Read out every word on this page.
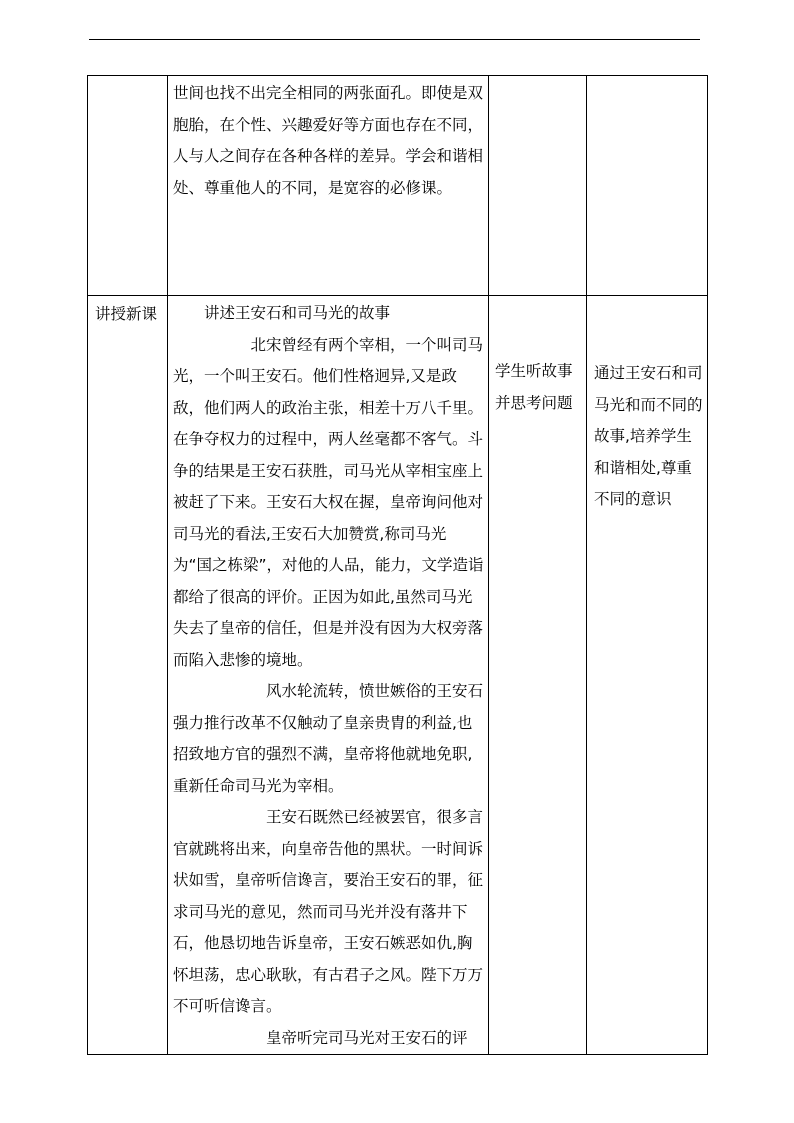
	世间也找不出完全相同的两张面孔。即使是双胞胎，在个性、兴趣爱好等方面也存在不同，人与人之间存在各种各样的差异。学会和谐相处、尊重他人的不同，是宽容的必修课。		

讲授新课	讲述王安石和司马光的故事

北宋曾经有两个宰相，一个叫司马光，一个叫王安石。他们性格迥异,又是政敌，他们两人的政治主张，相差十万八千里。在争夺权力的过程中，两人丝毫都不客气。斗争的结果是王安石获胜，司马光从宰相宝座上被赶了下来。王安石大权在握，皇帝询问他对司马光的看法,王安石大加赞赏,称司马光为“国之栋梁”，对他的人品，能力，文学造诣都给了很高的评价。正因为如此,虽然司马光失去了皇帝的信任，但是并没有因为大权旁落而陷入悲惨的境地。

风水轮流转，愤世嫉俗的王安石强力推行改革不仅触动了皇亲贵胄的利益,也招致地方官的强烈不满，皇帝将他就地免职,重新任命司马光为宰相。

王安石既然已经被罢官，很多言官就跳将出来，向皇帝告他的黑状。一时间诉状如雪，皇帝听信谗言，要治王安石的罪，征求司马光的意见，然而司马光并没有落井下石，他恳切地告诉皇帝，王安石嫉恶如仇,胸怀坦荡，忠心耿耿，有古君子之风。陛下万万不可听信谗言。

皇帝听完司马光对王安石的评	学生听故事并思考问题	通过王安石和司马光和而不同的故事,培养学生和谐相处,尊重不同的意识
